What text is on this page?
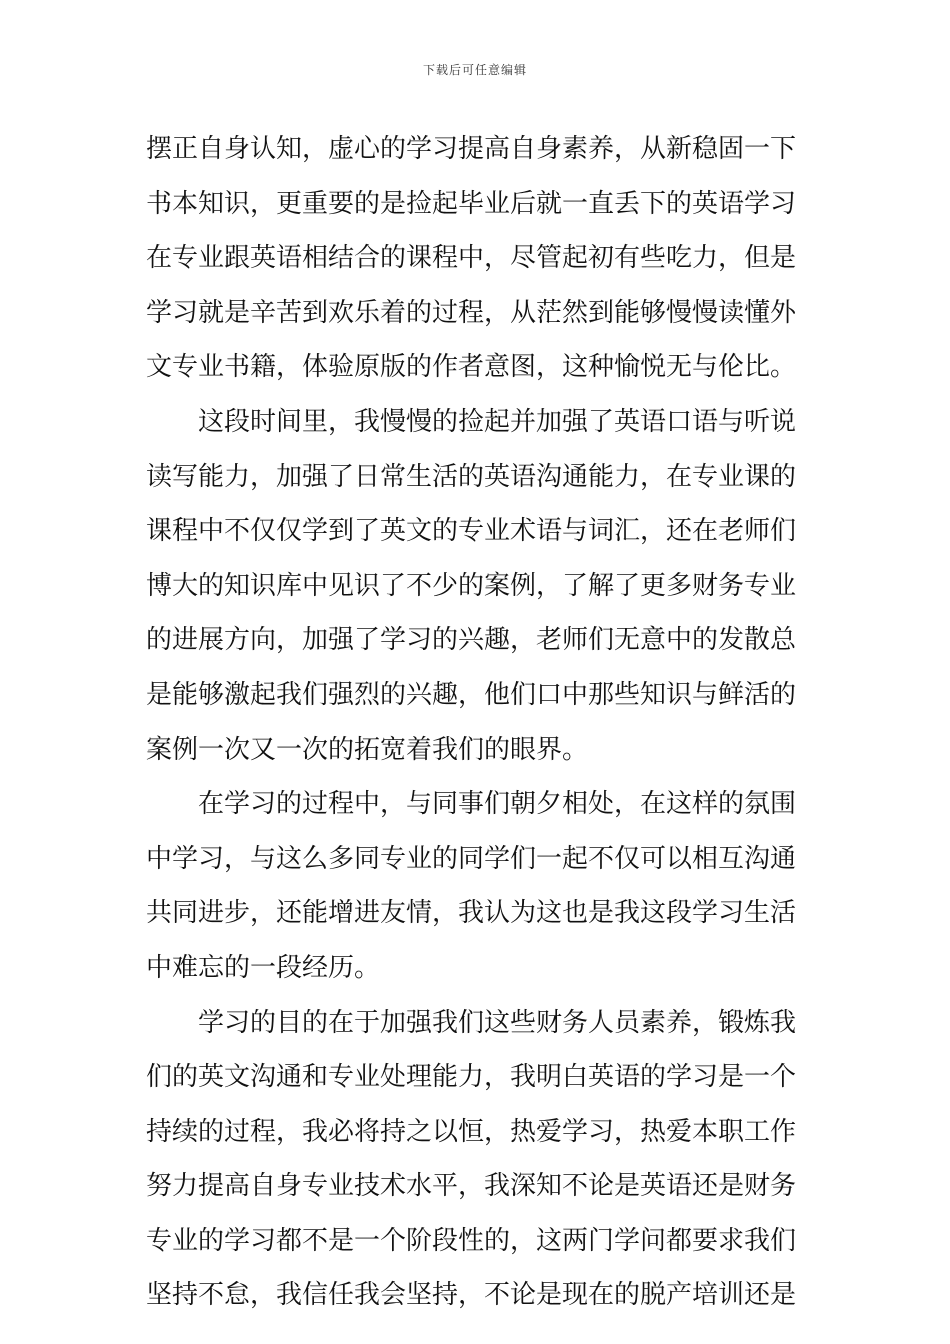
下载后可任意编辑
摆正自身认知，虚心的学习提高自身素养，从新稳固一下
书本知识，更重要的是捡起毕业后就一直丢下的英语学习
在专业跟英语相结合的课程中，尽管起初有些吃力，但是
学习就是辛苦到欢乐着的过程，从茫然到能够慢慢读懂外
文专业书籍，体验原版的作者意图，这种愉悦无与伦比。
这段时间里，我慢慢的捡起并加强了英语口语与听说
读写能力，加强了日常生活的英语沟通能力，在专业课的
课程中不仅仅学到了英文的专业术语与词汇，还在老师们
博大的知识库中见识了不少的案例，了解了更多财务专业
的进展方向，加强了学习的兴趣，老师们无意中的发散总
是能够激起我们强烈的兴趣，他们口中那些知识与鲜活的
案例一次又一次的拓宽着我们的眼界。
在学习的过程中，与同事们朝夕相处，在这样的氛围
中学习，与这么多同专业的同学们一起不仅可以相互沟通
共同进步，还能增进友情，我认为这也是我这段学习生活
中难忘的一段经历。
学习的目的在于加强我们这些财务人员素养，锻炼我
们的英文沟通和专业处理能力，我明白英语的学习是一个
持续的过程，我必将持之以恒，热爱学习，热爱本职工作
努力提高自身专业技术水平，我深知不论是英语还是财务
专业的学习都不是一个阶段性的，这两门学问都要求我们
坚持不怠，我信任我会坚持，不论是现在的脱产培训还是
